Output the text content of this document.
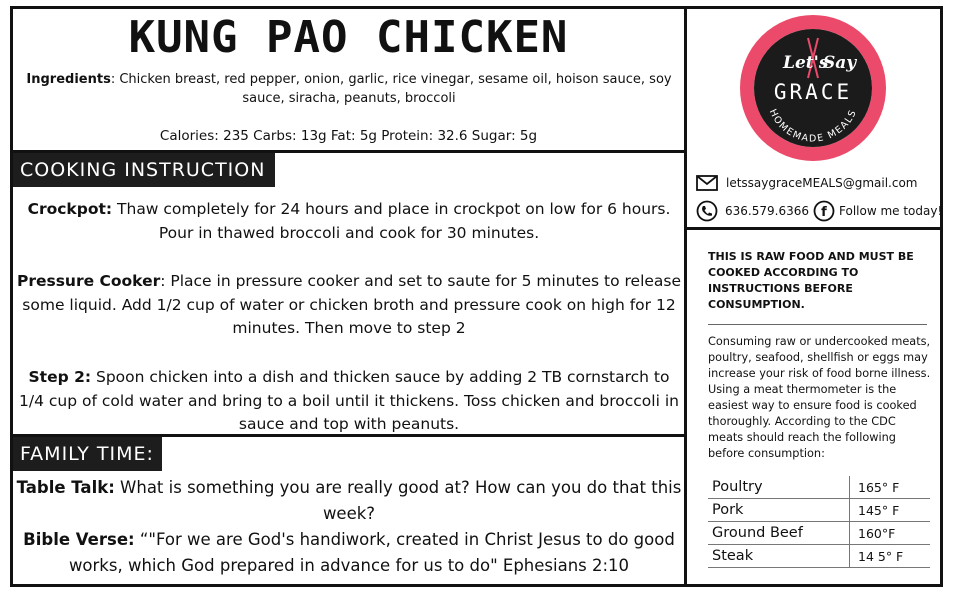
KUNG PAO CHICKEN
Ingredients: Chicken breast, red pepper, onion, garlic, rice vinegar, sesame oil, hoison sauce, soy sauce, siracha, peanuts, broccoli
Calories: 235 Carbs: 13g Fat: 5g Protein: 32.6 Sugar: 5g
COOKING INSTRUCTION
Crockpot: Thaw completely for 24 hours and place in crockpot on low for 6 hours. Pour in thawed broccoli and cook for 30 minutes.
Pressure Cooker: Place in pressure cooker and set to saute for 5 minutes to release some liquid. Add 1/2 cup of water or chicken broth and pressure cook on high for 12 minutes. Then move to step 2
Step 2: Spoon chicken into a dish and thicken sauce by adding 2 TB cornstarch to 1/4 cup of cold water and bring to a boil until it thickens. Toss chicken and broccoli in sauce and top with peanuts.
FAMILY TIME:
Table Talk: What is something you are really good at? How can you do that this week?
Bible Verse: “"For we are God's handiwork, created in Christ Jesus to do good works, which God prepared in advance for us to do" Ephesians 2:10
Let's
Say
GRACE
HOMEMADE MEALS
letssaygraceMEALS@gmail.com
636.579.6366 f Follow me today!
THIS IS RAW FOOD AND MUST BE COOKED ACCORDING TO INSTRUCTIONS BEFORE CONSUMPTION.
Consuming raw or undercooked meats, poultry, seafood, shellfish or eggs may increase your risk of food borne illness. Using a meat thermometer is the easiest way to ensure food is cooked thoroughly. According to the CDC meats should reach the following before consumption:
Poultry	165° F
Pork	145° F
Ground Beef	160°F
Steak	14 5° F
